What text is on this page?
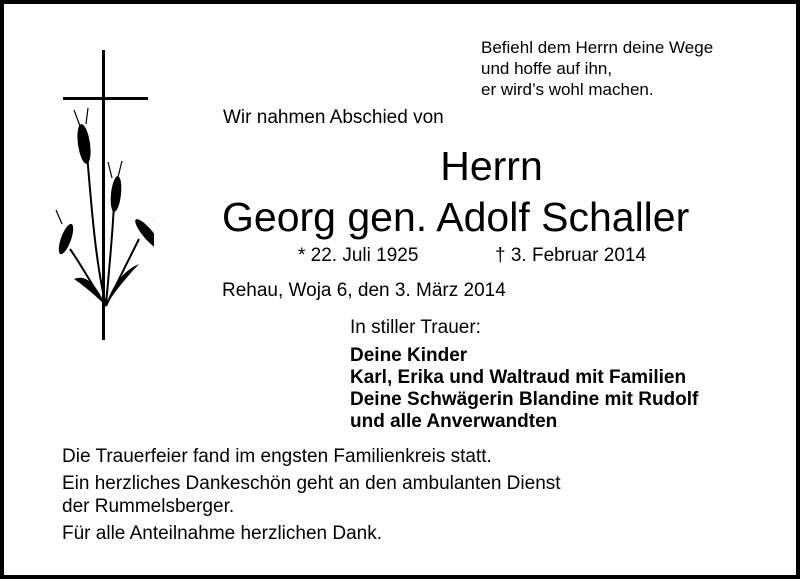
Befiehl dem Herrn deine Wege
und hoffe auf ihn,
er wird’s wohl machen.
Wir nahmen Abschied von
Herrn
Georg gen. Adolf Schaller
* 22. Juli 1925	† 3. Februar 2014
Rehau, Woja 6, den 3. März 2014
In stiller Trauer:
Deine Kinder
Karl, Erika und Waltraud mit Familien
Deine Schwägerin Blandine mit Rudolf
und alle Anverwandten
Die Trauerfeier fand im engsten Familienkreis statt.
Ein herzliches Dankeschön geht an den ambulanten Dienst
der Rummelsberger.
Für alle Anteilnahme herzlichen Dank.
